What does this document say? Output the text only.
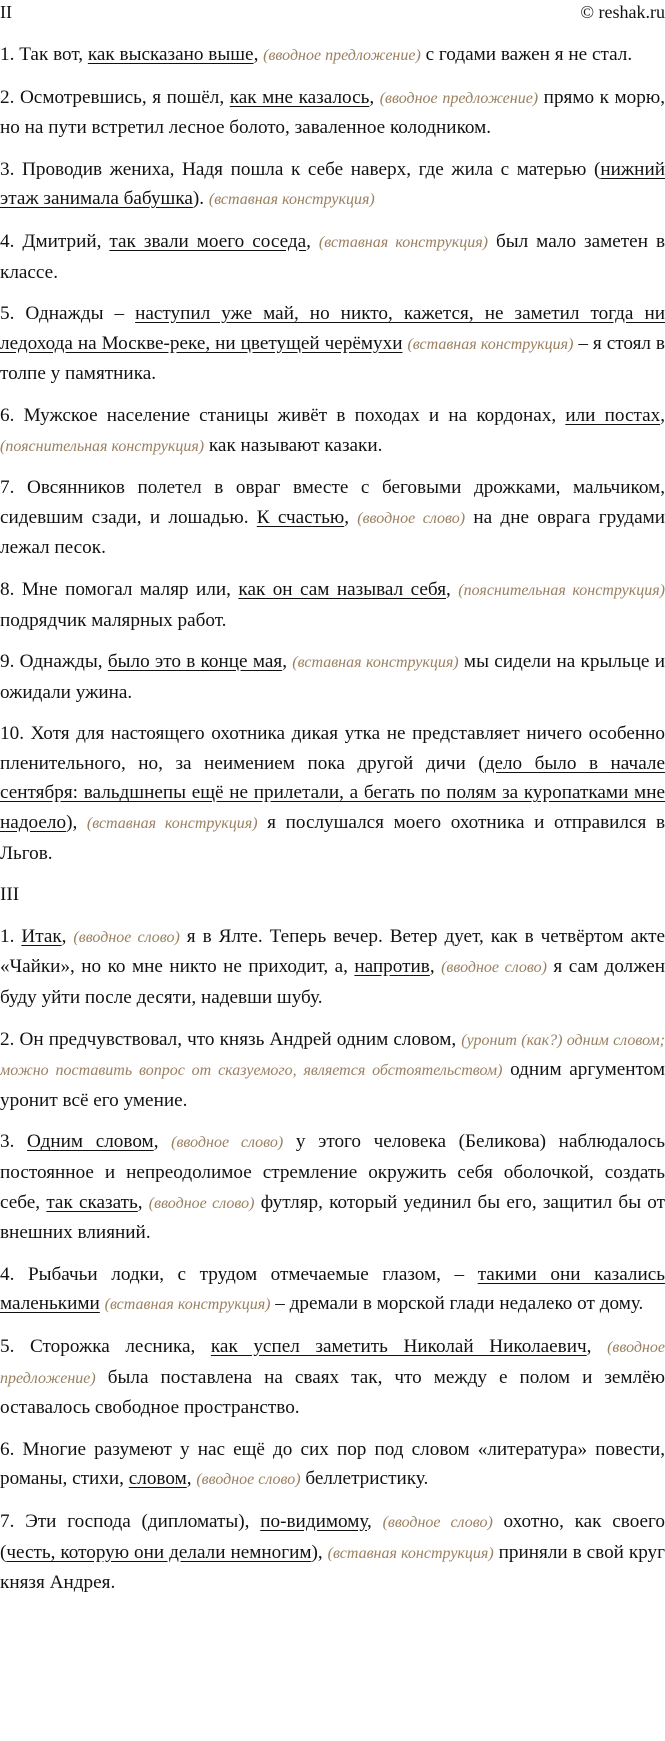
II	© reshak.ru

1. Так вот, как высказано выше, (вводное предложение) с годами важен я не стал.

2. Осмотревшись, я пошёл, как мне казалось, (вводное предложение) прямо к морю, но на пути встретил лесное болото, заваленное колодником.

3. Проводив жениха, Надя пошла к себе наверх, где жила с матерью (нижний этаж занимала бабушка). (вставная конструкция)

4. Дмитрий, так звали моего соседа, (вставная конструкция) был мало заметен в классе.

5. Однажды – наступил уже май, но никто, кажется, не заметил тогда ни ледохода на Москве-реке, ни цветущей черёмухи (вставная конструкция) – я стоял в толпе у памятника.

6. Мужское население станицы живёт в походах и на кордонах, или постах, (пояснительная конструкция) как называют казаки.

7. Овсянников полетел в овраг вместе с беговыми дрожками, мальчиком, сидевшим сзади, и лошадью. К счастью, (вводное слово) на дне оврага грудами лежал песок.

8. Мне помогал маляр или, как он сам называл себя, (пояснительная конструкция) подрядчик малярных работ.

9. Однажды, было это в конце мая, (вставная конструкция) мы сидели на крыльце и ожидали ужина.

10. Хотя для настоящего охотника дикая утка не представляет ничего особенно пленительного, но, за неимением пока другой дичи (дело было в начале сентября: вальдшнепы ещё не прилетали, а бегать по полям за куропатками мне надоело), (вставная конструкция) я послушался моего охотника и отправился в Льгов.

III

1. Итак, (вводное слово) я в Ялте. Теперь вечер. Ветер дует, как в четвёртом акте «Чайки», но ко мне никто не приходит, а, напротив, (вводное слово) я сам должен буду уйти после десяти, надевши шубу.

2. Он предчувствовал, что князь Андрей одним словом, (уронит (как?) одним словом; можно поставить вопрос от сказуемого, является обстоятельством) одним аргументом уронит всё его умение.

3. Одним словом, (вводное слово) у этого человека (Беликова) наблюдалось постоянное и непреодолимое стремление окружить себя оболочкой, создать себе, так сказать, (вводное слово) футляр, который уединил бы его, защитил бы от внешних влияний.

4. Рыбачьи лодки, с трудом отмечаемые глазом, – такими они казались маленькими (вставная конструкция) – дремали в морской глади недалеко от дому.

5. Сторожка лесника, как успел заметить Николай Николаевич, (вводное предложение) была поставлена на сваях так, что между е полом и землёю оставалось свободное пространство.

6. Многие разумеют у нас ещё до сих пор под словом «литература» повести, романы, стихи, словом, (вводное слово) беллетристику.

7. Эти господа (дипломаты), по-видимому, (вводное слово) охотно, как своего (честь, которую они делали немногим), (вставная конструкция) приняли в свой круг князя Андрея.
